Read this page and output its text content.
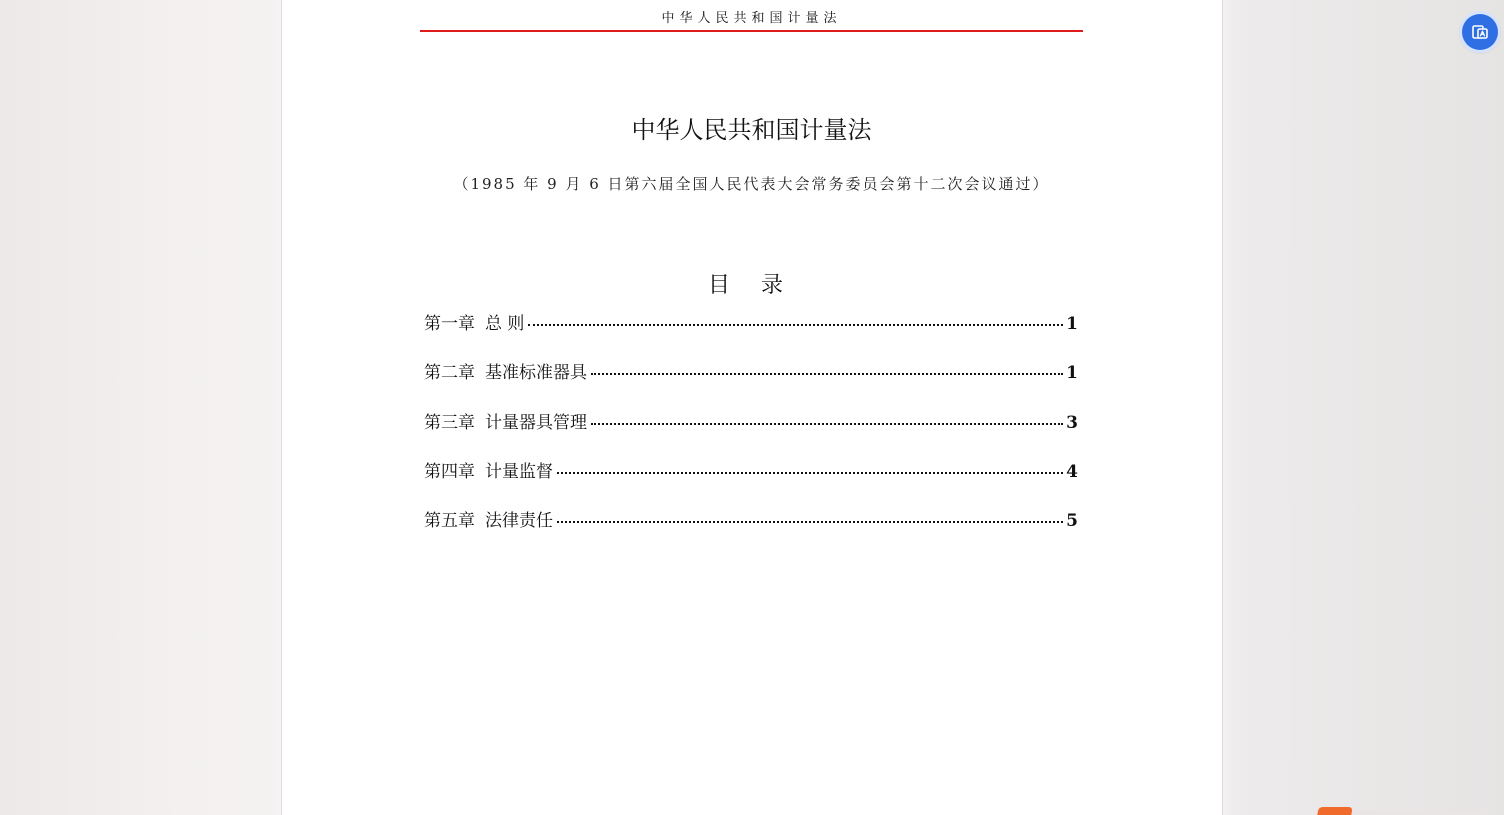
中华人民共和国计量法
中华人民共和国计量法
（1985 年 9 月 6 日第六届全国人民代表大会常务委员会第十二次会议通过）
目 录
第一章 总 则	1
第二章 基准标准器具	1
第三章 计量器具管理	3
第四章 计量监督	4
第五章 法律责任	5
